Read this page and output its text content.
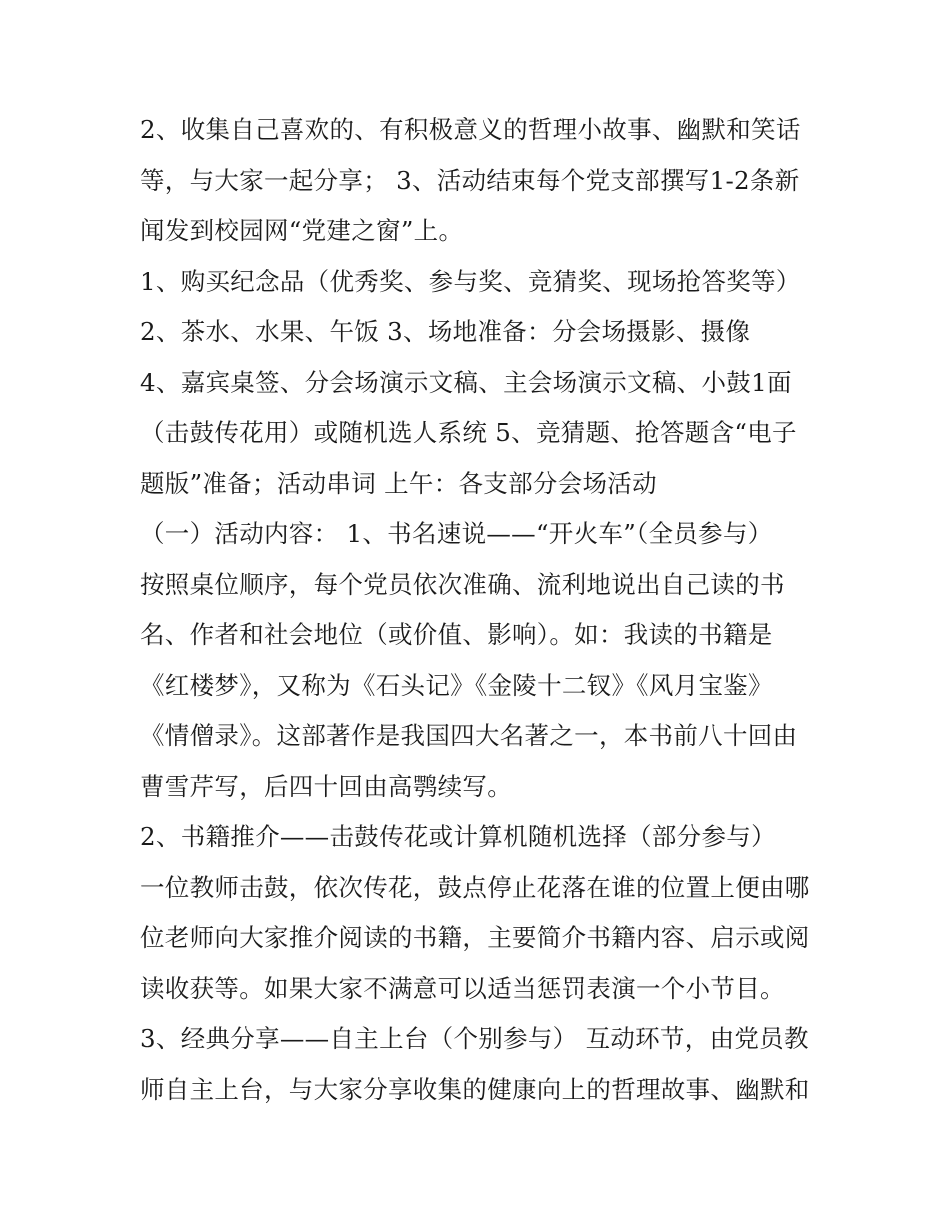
2、收集自己喜欢的、有积极意义的哲理小故事、幽默和笑话
等，与大家一起分享； 3、活动结束每个党支部撰写1-2条新
闻发到校园网“党建之窗”上。
1、购买纪念品（优秀奖、参与奖、竞猜奖、现场抢答奖等）
2、茶水、水果、午饭 3、场地准备：分会场摄影、摄像
4、嘉宾桌签、分会场演示文稿、主会场演示文稿、小鼓1面
（击鼓传花用）或随机选人系统 5、竞猜题、抢答题含“电子
题版”准备；活动串词 上午：各支部分会场活动
（一）活动内容： 1、书名速说——“开火车”（全员参与）
按照桌位顺序，每个党员依次准确、流利地说出自己读的书
名、作者和社会地位（或价值、影响）。如：我读的书籍是
《红楼梦》，又称为《石头记》《金陵十二钗》《风月宝鉴》
《情僧录》。这部著作是我国四大名著之一，本书前八十回由
曹雪芹写，后四十回由高鹗续写。
2、书籍推介——击鼓传花或计算机随机选择（部分参与）
一位教师击鼓，依次传花，鼓点停止花落在谁的位置上便由哪
位老师向大家推介阅读的书籍，主要简介书籍内容、启示或阅
读收获等。如果大家不满意可以适当惩罚表演一个小节目。
3、经典分享——自主上台（个别参与） 互动环节，由党员教
师自主上台，与大家分享收集的健康向上的哲理故事、幽默和
